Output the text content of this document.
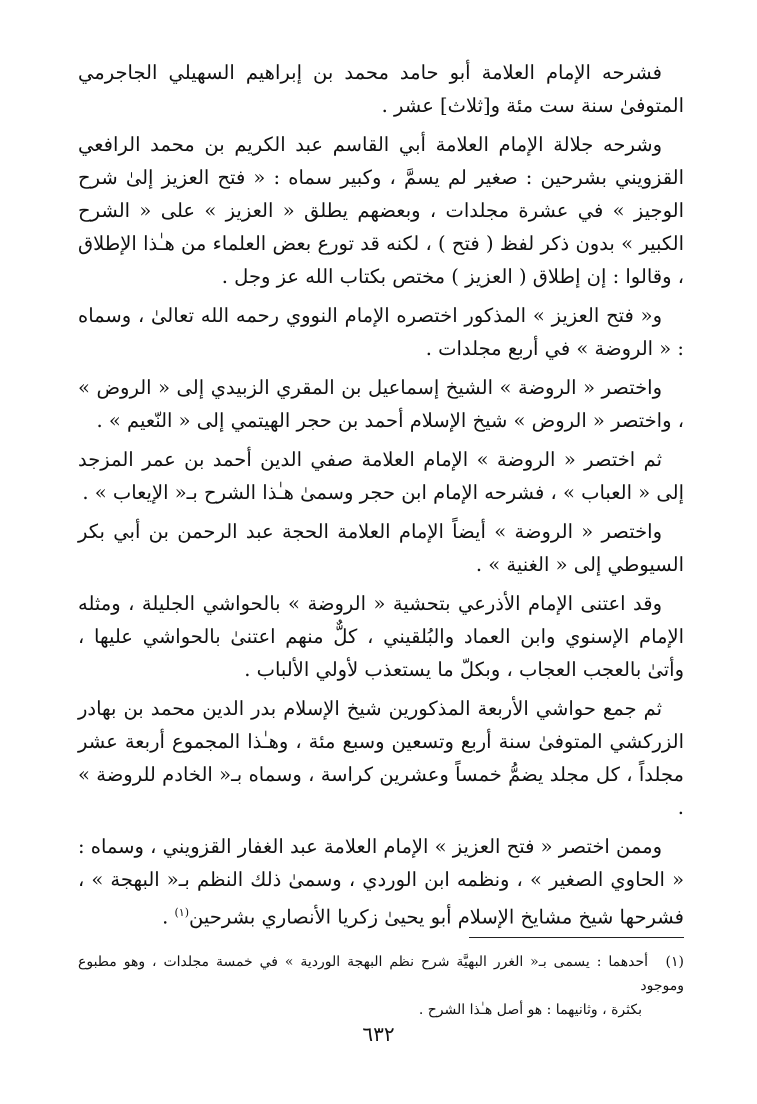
فشرحه الإمام العلامة أبو حامد محمد بن إبراهيم السهيلي الجاجرمي المتوفىٰ سنة ست مئة و[ثلاث] عشر .

وشرحه جلالة الإمام العلامة أبي القاسم عبد الكريم بن محمد الرافعي القزويني بشرحين : صغير لم يسمَّ ، وكبير سماه : « فتح العزيز إلىٰ شرح الوجيز » في عشرة مجلدات ، وبعضهم يطلق « العزيز » على « الشرح الكبير » بدون ذكر لفظ ( فتح ) ، لكنه قد تورع بعض العلماء من هـٰذا الإطلاق ، وقالوا : إن إطلاق ( العزيز ) مختص بكتاب الله عز وجل .

و« فتح العزيز » المذكور اختصره الإمام النووي رحمه الله تعالىٰ ، وسماه : « الروضة » في أربع مجلدات .

واختصر « الروضة » الشيخ إسماعيل بن المقري الزبيدي إلى « الروض » ، واختصر « الروض » شيخ الإسلام أحمد بن حجر الهيتمي إلى « النّعيم » .

ثم اختصر « الروضة » الإمام العلامة صفي الدين أحمد بن عمر المزجد إلى « العباب » ، فشرحه الإمام ابن حجر وسمىٰ هـٰذا الشرح بـ« الإيعاب » .

واختصر « الروضة » أيضاً الإمام العلامة الحجة عبد الرحمن بن أبي بكر السيوطي إلى « الغنية » .

وقد اعتنى الإمام الأذرعي بتحشية « الروضة » بالحواشي الجليلة ، ومثله الإمام الإسنوي وابن العماد والبُلقيني ، كلٌّ منهم اعتنىٰ بالحواشي عليها ، وأتىٰ بالعجب العجاب ، وبكلّ ما يستعذب لأولي الألباب .

ثم جمع حواشي الأربعة المذكورين شيخ الإسلام بدر الدين محمد بن بهادر الزركشي المتوفىٰ سنة أربع وتسعين وسبع مئة ، وهـٰذا المجموع أربعة عشر مجلداً ، كل مجلد يضمُّ خمساً وعشرين كراسة ، وسماه بـ« الخادم للروضة » .

وممن اختصر « فتح العزيز » الإمام العلامة عبد الغفار القزويني ، وسماه : « الحاوي الصغير » ، ونظمه ابن الوردي ، وسمىٰ ذلك النظم بـ« البهجة » ، فشرحها شيخ مشايخ الإسلام أبو يحيىٰ زكريا الأنصاري بشرحين$^{(١)}$ .

(١)أحدهما : يسمى بـ« الغرر البهيَّة شرح نظم البهجة الوردية » في خمسة مجلدات ، وهو مطبوع وموجود

بكثرة ، وثانيهما : هو أصل هـٰذا الشرح .

٦٣٢
